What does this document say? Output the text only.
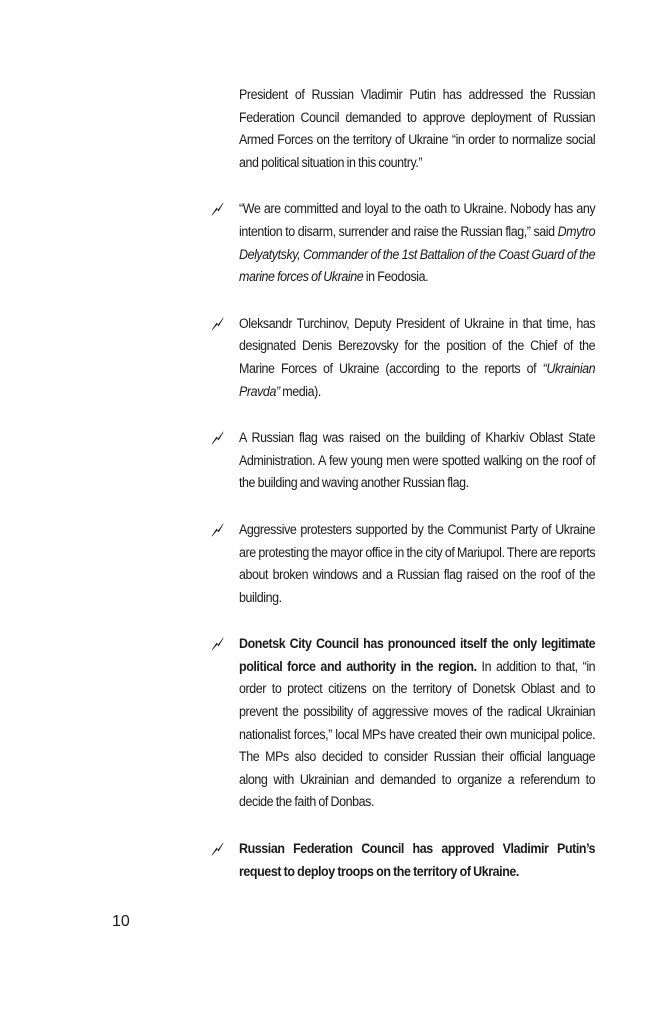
President of Russian Vladimir Putin has addressed the Russian Federation Council demanded to approve deployment of Russian Armed Forces on the territory of Ukraine “in order to normalize social and political situation in this country.”

“We are committed and loyal to the oath to Ukraine. Nobody has any intention to disarm, surrender and raise the Russian flag,” said Dmytro Delyatytsky, Commander of the 1st Battalion of the Coast Guard of the marine forces of Ukraine in Feodosia.

Oleksandr Turchinov, Deputy President of Ukraine in that time, has designated Denis Berezovsky for the position of the Chief of the Marine Forces of Ukraine (according to the reports of “Ukrainian Pravda” media).

A Russian flag was raised on the building of Kharkiv Oblast State Administration. A few young men were spotted walking on the roof of the building and waving another Russian flag.

Aggressive protesters supported by the Communist Party of Ukraine are protesting the mayor office in the city of Mariupol. There are reports about broken windows and a Russian flag raised on the roof of the building.

Donetsk City Council has pronounced itself the only legitimate political force and authority in the region. In addition to that, “in order to protect citizens on the territory of Donetsk Oblast and to prevent the possibility of aggressive moves of the radical Ukrainian nationalist forces,” local MPs have created their own municipal police. The MPs also decided to consider Russian their official language along with Ukrainian and demanded to organize a referendum to decide the faith of Donbas.

Russian Federation Council has approved Vladimir Putin’s request to deploy troops on the territory of Ukraine.

10
